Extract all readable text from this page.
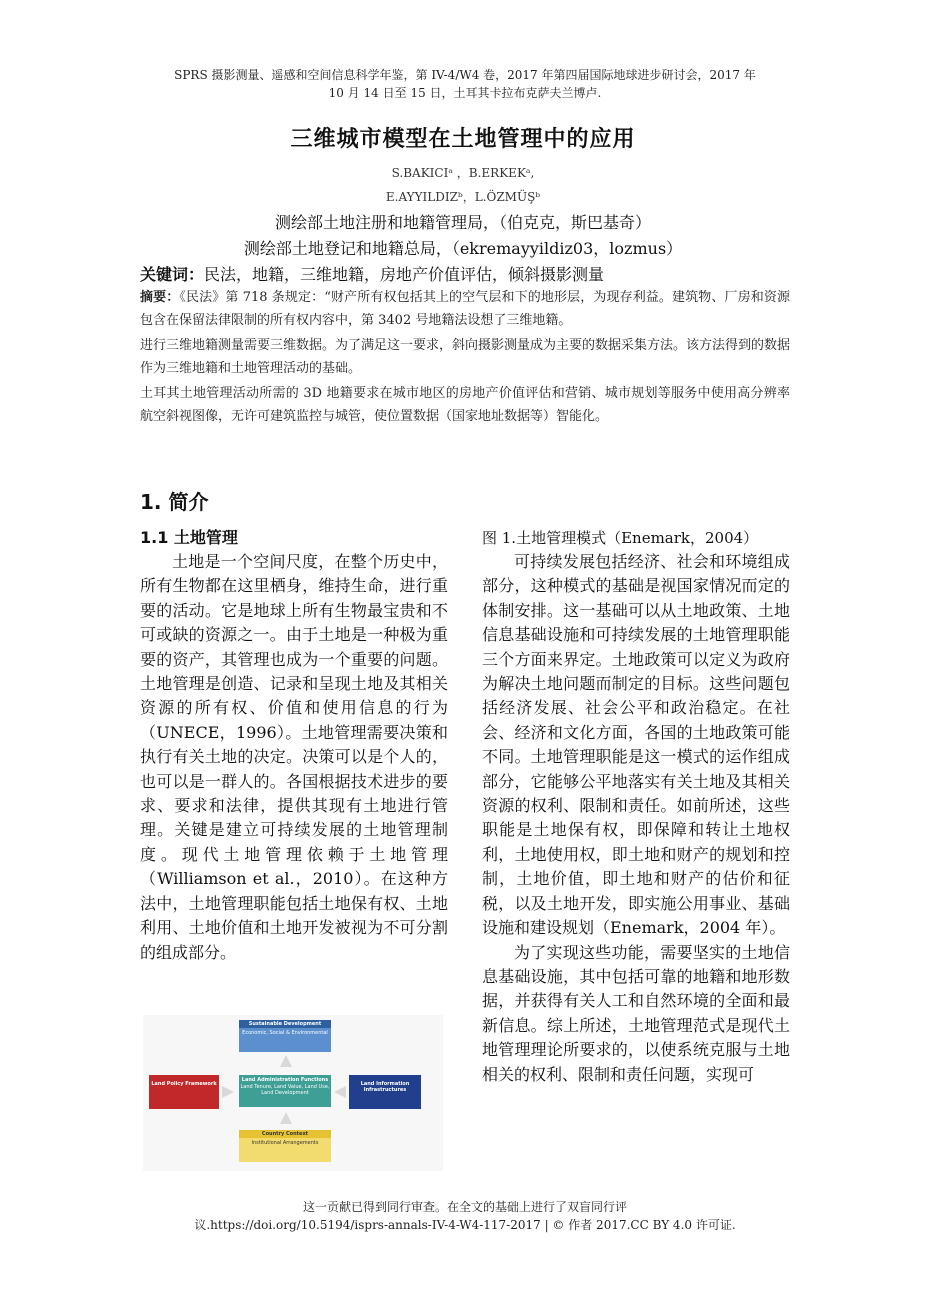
SPRS 摄影测量、遥感和空间信息科学年鉴，第 IV-4/W4 卷，2017 年第四届国际地球进步研讨会，2017 年
10 月 14 日至 15 日，土耳其卡拉布克萨夫兰博卢.
三维城市模型在土地管理中的应用
S.BAKICIᵃ ，B.ERKEKᵃ,
E.AYYILDIZᵇ，L.ÖZMÜŞᵇ
测绘部土地注册和地籍管理局，（伯克克，斯巴基奇）
测绘部土地登记和地籍总局，（ekremayyildiz03，lozmus）
关键词：民法，地籍，三维地籍，房地产价值评估，倾斜摄影测量

摘要：《民法》第 718 条规定：“财产所有权包括其上的空气层和下的地形层，为现存利益。建筑物、厂房和资源包含在保留法律限制的所有权内容中，第 3402 号地籍法设想了三维地籍。

进行三维地籍测量需要三维数据。为了满足这一要求，斜向摄影测量成为主要的数据采集方法。该方法得到的数据作为三维地籍和土地管理活动的基础。

土耳其土地管理活动所需的 3D 地籍要求在城市地区的房地产价值评估和营销、城市规划等服务中使用高分辨率航空斜视图像，无许可建筑监控与城管，使位置数据（国家地址数据等）智能化。

1. 简介

1.1 土地管理

土地是一个空间尺度，在整个历史中，所有生物都在这里栖身，维持生命，进行重要的活动。它是地球上所有生物最宝贵和不可或缺的资源之一。由于土地是一种极为重要的资产，其管理也成为一个重要的问题。土地管理是创造、记录和呈现土地及其相关资源的所有权、价值和使用信息的行为（UNECE，1996）。土地管理需要决策和执行有关土地的决定。决策可以是个人的，也可以是一群人的。各国根据技术进步的要求、要求和法律，提供其现有土地进行管理。关键是建立可持续发展的土地管理制度。现代土地管理依赖于土地管理（Williamson et al.，2010）。在这种方法中，土地管理职能包括土地保有权、土地利用、土地价值和土地开发被视为不可分割的组成部分。

Sustainable Development
Economic, Social & Environmental
Land Policy Framework
Land Administration Functions
Land Tenure, Land Value, Land Use, Land Development
Land Information Infrastructures
Country Context
Institutional Arrangements

图 1.土地管理模式（Enemark，2004）

可持续发展包括经济、社会和环境组成部分，这种模式的基础是视国家情况而定的体制安排。这一基础可以从土地政策、土地信息基础设施和可持续发展的土地管理职能三个方面来界定。土地政策可以定义为政府为解决土地问题而制定的目标。这些问题包括经济发展、社会公平和政治稳定。在社会、经济和文化方面，各国的土地政策可能不同。土地管理职能是这一模式的运作组成部分，它能够公平地落实有关土地及其相关资源的权利、限制和责任。如前所述，这些职能是土地保有权，即保障和转让土地权利，土地使用权，即土地和财产的规划和控制，土地价值，即土地和财产的估价和征税，以及土地开发，即实施公用事业、基础设施和建设规划（Enemark，2004 年）。

为了实现这些功能，需要坚实的土地信息基础设施，其中包括可靠的地籍和地形数据，并获得有关人工和自然环境的全面和最新信息。综上所述，土地管理范式是现代土地管理理论所要求的，以使系统克服与土地相关的权利、限制和责任问题，实现可

这一贡献已得到同行审查。在全文的基础上进行了双盲同行评
议.https://doi.org/10.5194/isprs-annals-IV-4-W4-117-2017 | © 作者 2017.CC BY 4.0 许可证.
